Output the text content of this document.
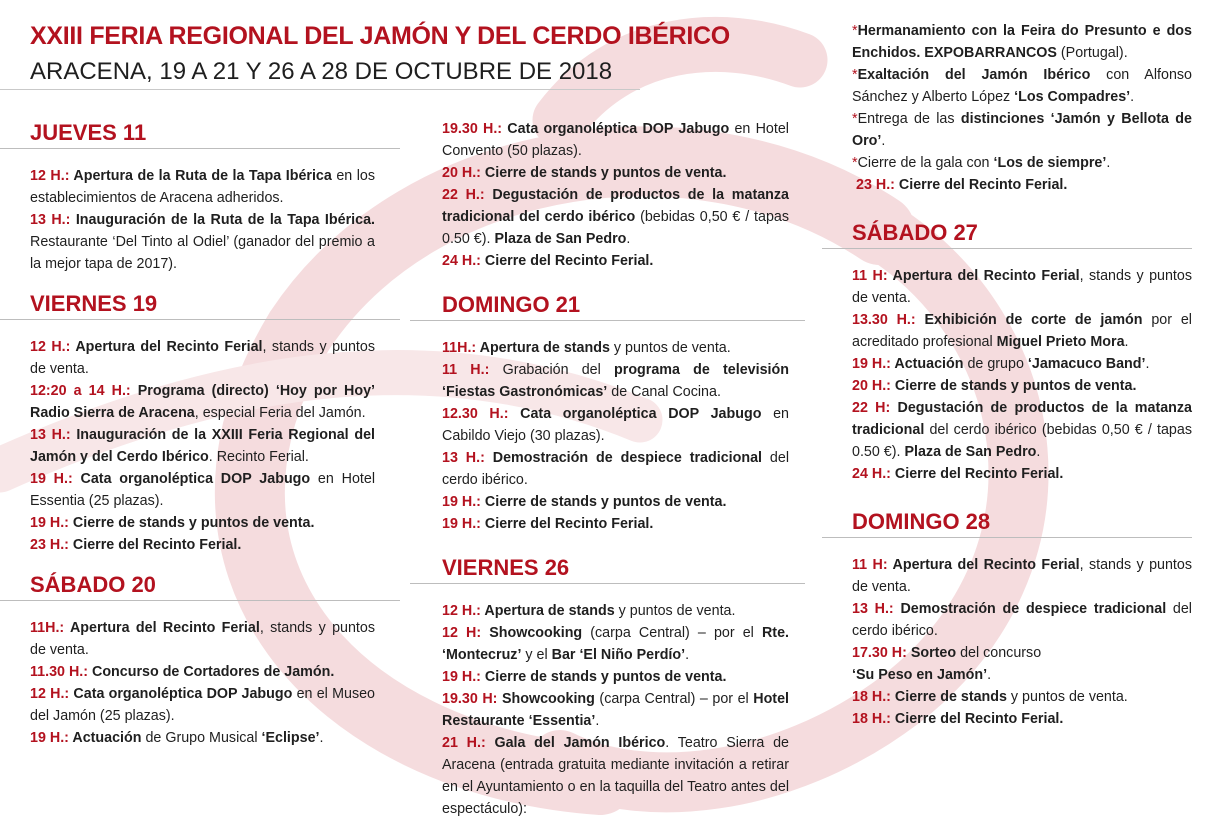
XXIII FERIA REGIONAL DEL JAMÓN Y DEL CERDO IBÉRICO
ARACENA, 19 A 21 Y 26 A 28 DE OCTUBRE DE 2018
JUEVES 11

12 H.: Apertura de la Ruta de la Tapa Ibérica en los establecimientos de Aracena adheridos.

13 H.: Inauguración de la Ruta de la Tapa Ibérica. Restaurante ‘Del Tinto al Odiel’ (ganador del premio a la mejor tapa de 2017).

VIERNES 19

12 H.: Apertura del Recinto Ferial, stands y puntos de venta.

12:20 a 14 H.: Programa (directo) ‘Hoy por Hoy’ Radio Sierra de Aracena, especial Feria del Jamón.

13 H.: Inauguración de la XXIII Feria Regional del Jamón y del Cerdo Ibérico. Recinto Ferial.

19 H.: Cata organoléptica DOP Jabugo en Hotel Essentia (25 plazas).

19 H.: Cierre de stands y puntos de venta.

23 H.: Cierre del Recinto Ferial.

SÁBADO 20

11H.: Apertura del Recinto Ferial, stands y puntos de venta.

11.30 H.: Concurso de Cortadores de Jamón.

12 H.: Cata organoléptica DOP Jabugo en el Museo del Jamón (25 plazas).

19 H.: Actuación de Grupo Musical ‘Eclipse’.

19.30 H.: Cata organoléptica DOP Jabugo en Hotel Convento (50 plazas).

20 H.: Cierre de stands y puntos de venta.

22 H.: Degustación de productos de la matanza tradicional del cerdo ibérico (bebidas 0,50 € / tapas 0.50 €). Plaza de San Pedro.

24 H.: Cierre del Recinto Ferial.

DOMINGO 21

11H.: Apertura de stands y puntos de venta.

11 H.: Grabación del programa de televisión ‘Fiestas Gastronómicas’ de Canal Cocina.

12.30 H.: Cata organoléptica DOP Jabugo en Cabildo Viejo (30 plazas).

13 H.: Demostración de despiece tradicional del cerdo ibérico.

19 H.: Cierre de stands y puntos de venta.

19 H.: Cierre del Recinto Ferial.

VIERNES 26

12 H.: Apertura de stands y puntos de venta.

12 H: Showcooking (carpa Central) – por el Rte. ‘Montecruz’ y el Bar ‘El Niño Perdío’.

19 H.: Cierre de stands y puntos de venta.

19.30 H: Showcooking (carpa Central) – por el Hotel Restaurante ‘Essentia’.

21 H.: Gala del Jamón Ibérico. Teatro Sierra de Aracena (entrada gratuita mediante invitación a retirar en el Ayuntamiento o en la taquilla del Teatro antes del espectáculo):

*Hermanamiento con la Feira do Presunto e dos Enchidos. EXPOBARRANCOS (Portugal).

*Exaltación del Jamón Ibérico con Alfonso Sánchez y Alberto López ‘Los Compadres’.

*Entrega de las distinciones ‘Jamón y Bellota de Oro’.

*Cierre de la gala con ‘Los de siempre’.

23 H.: Cierre del Recinto Ferial.

SÁBADO 27

11 H: Apertura del Recinto Ferial, stands y puntos de venta.

13.30 H.: Exhibición de corte de jamón por el acreditado profesional Miguel Prieto Mora.

19 H.: Actuación de grupo ‘Jamacuco Band’.

20 H.: Cierre de stands y puntos de venta.

22 H: Degustación de productos de la matanza tradicional del cerdo ibérico (bebidas 0,50 € / tapas 0.50 €). Plaza de San Pedro.

24 H.: Cierre del Recinto Ferial.

DOMINGO 28

11 H: Apertura del Recinto Ferial, stands y puntos de venta.

13 H.: Demostración de despiece tradicional del cerdo ibérico.

17.30 H: Sorteo del concurso
‘Su Peso en Jamón’.

18 H.: Cierre de stands y puntos de venta.

18 H.: Cierre del Recinto Ferial.
